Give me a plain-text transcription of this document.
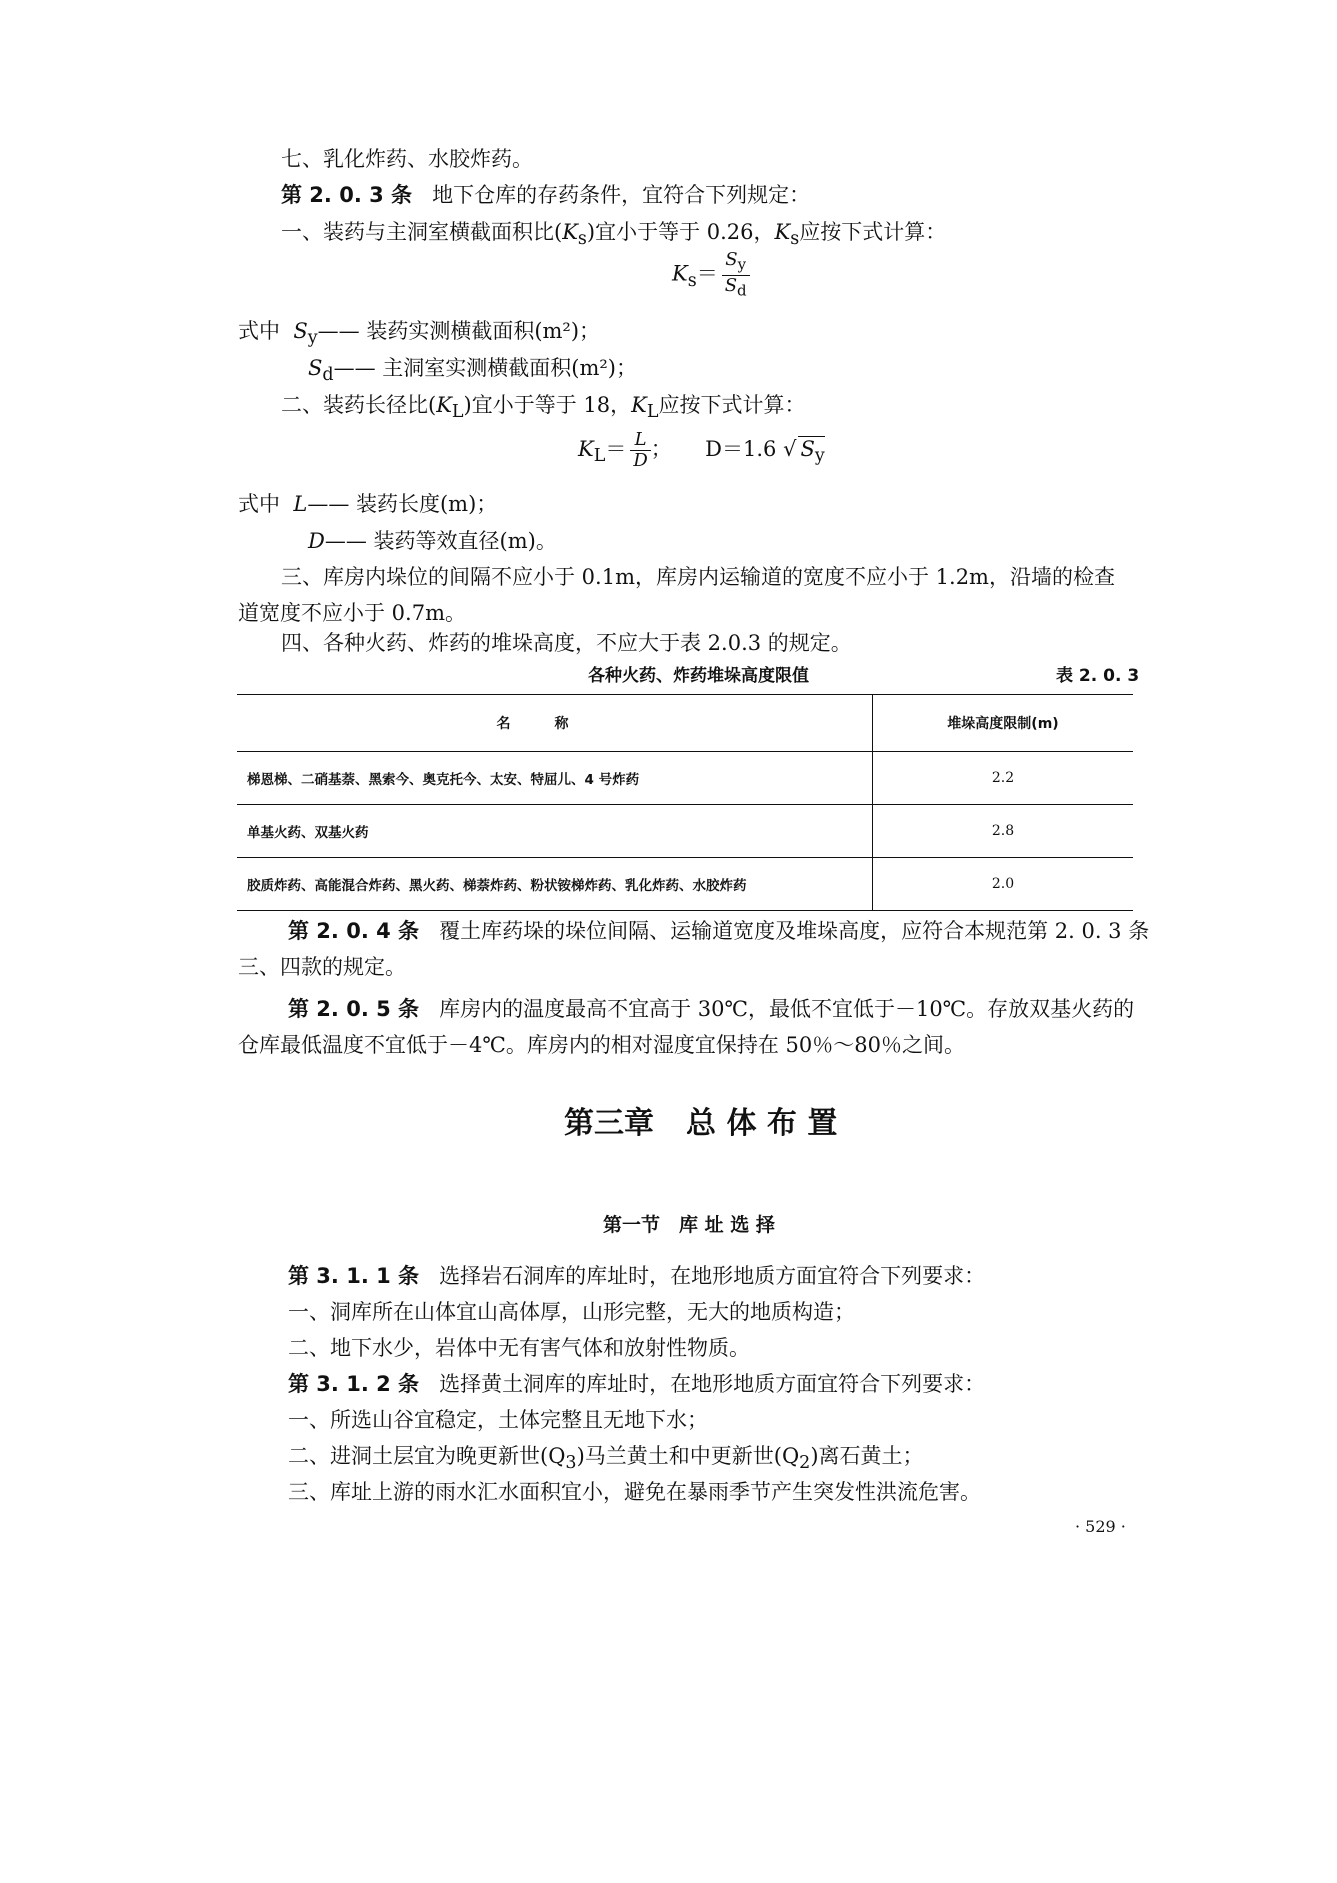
七、乳化炸药、水胶炸药。
第 2. 0. 3 条 地下仓库的存药条件，宜符合下列规定：
一、装药与主洞室横截面积比$(K_s)$宜小于等于 0.26，$K_s$应按下式计算：
$K_s= \frac{S_y}{S_d}$
式中 $S_y——$ 装药实测横截面积(m²)；
$S_d——$ 主洞室实测横截面积(m²)；
二、装药长径比$(K_L)$宜小于等于 18，$K_L$应按下式计算：
$K_L= \frac{L}{D}$ ； D＝1.6 √ $S_y$
式中 L—— 装药长度(m)；
D—— 装药等效直径(m)。
三、库房内垛位的间隔不应小于 0.1m，库房内运输道的宽度不应小于 1.2m，沿墙的检查
道宽度不应小于 0.7m。
四、各种火药、炸药的堆垛高度，不应大于表 2.0.3 的规定。
各种火药、炸药堆垛高度限值	表 2. 0. 3
名称	堆垛高度限制(m)
梯恩梯、二硝基萘、黑索今、奥克托今、太安、特屈儿、4 号炸药	2.2
单基火药、双基火药	2.8
胶质炸药、高能混合炸药、黑火药、梯萘炸药、粉状铵梯炸药、乳化炸药、水胶炸药	2.0
第 2. 0. 4 条 覆土库药垛的垛位间隔、运输道宽度及堆垛高度，应符合本规范第 2. 0. 3 条
三、四款的规定。
第 2. 0. 5 条 库房内的温度最高不宜高于 30℃，最低不宜低于－10℃。存放双基火药的
仓库最低温度不宜低于－4℃。库房内的相对湿度宜保持在 50％～80％之间。
第三章 总 体 布 置
第一节　库 址 选 择
第 3. 1. 1 条 选择岩石洞库的库址时，在地形地质方面宜符合下列要求：
一、洞库所在山体宜山高体厚，山形完整，无大的地质构造；
二、地下水少，岩体中无有害气体和放射性物质。
第 3. 1. 2 条 选择黄土洞库的库址时，在地形地质方面宜符合下列要求：
一、所选山谷宜稳定，土体完整且无地下水；
二、进洞土层宜为晚更新世$(Q_3)$马兰黄土和中更新世$(Q_2)$离石黄土；
三、库址上游的雨水汇水面积宜小，避免在暴雨季节产生突发性洪流危害。
· 529 ·
